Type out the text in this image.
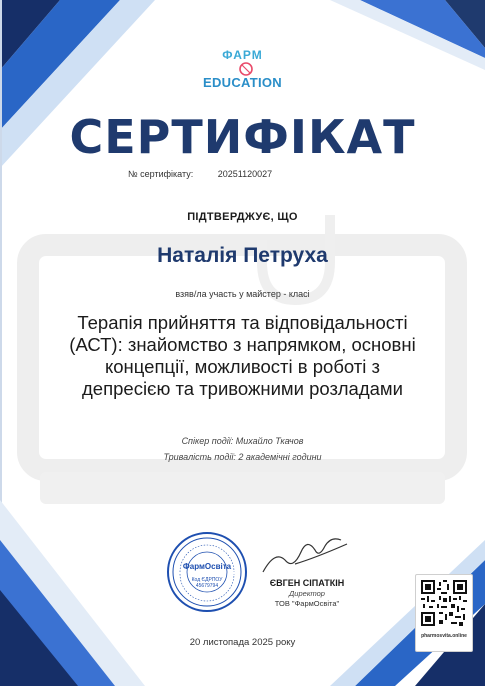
ФАРМ
EDUCATION
СЕРТИФІКАТ
№ сертифікату:	20251120027
ПІДТВЕРДЖУЄ, ЩО
Наталія Петруха
взяв/ла участь у майстер - класі
Терапія прийняття та відповідальності
(АСТ): знайомство з напрямком, основні
концепції, можливості в роботі з
депресією та тривожними розладами
Спікер події: Михайло Ткачов
Тривалість події: 2 академічні години
ФармОсвіта
Код ЄДРПОУ
45679794	ЄВГЕН СІПАТКІН
Директор
ТОВ "ФармОсвіта"
20 листопада 2025 року
pharmosvita.online
